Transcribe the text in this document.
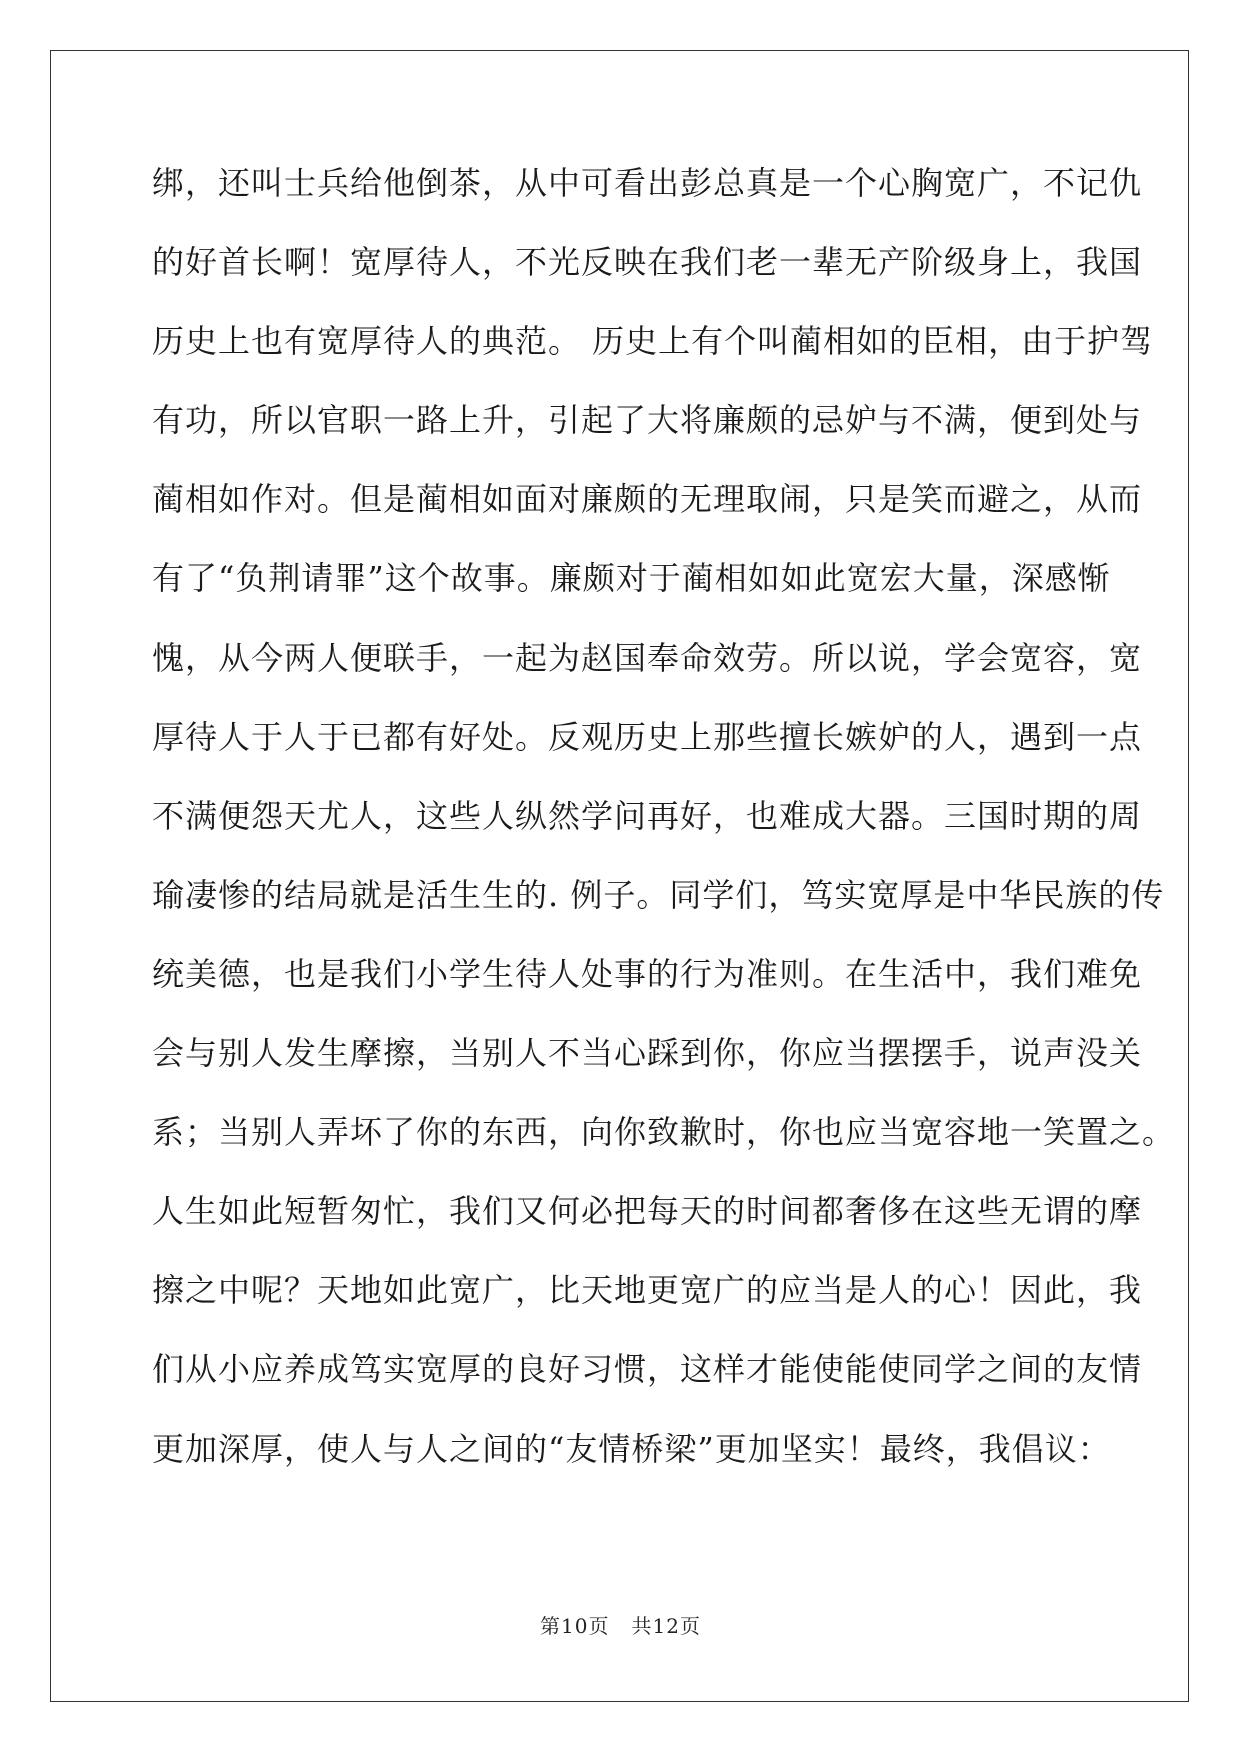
绑，还叫士兵给他倒茶，从中可看出彭总真是一个心胸宽广，不记仇
的好首长啊！宽厚待人，不光反映在我们老一辈无产阶级身上，我国
历史上也有宽厚待人的典范。 历史上有个叫蔺相如的臣相，由于护驾
有功，所以官职一路上升，引起了大将廉颇的忌妒与不满，便到处与
蔺相如作对。但是蔺相如面对廉颇的无理取闹，只是笑而避之，从而
有了“负荆请罪”这个故事。廉颇对于蔺相如如此宽宏大量，深感惭
愧，从今两人便联手，一起为赵国奉命效劳。所以说，学会宽容，宽
厚待人于人于已都有好处。反观历史上那些擅长嫉妒的人，遇到一点
不满便怨天尤人，这些人纵然学问再好，也难成大器。三国时期的周
瑜凄惨的结局就是活生生的. 例子。同学们，笃实宽厚是中华民族的传
统美德，也是我们小学生待人处事的行为准则。在生活中，我们难免
会与别人发生摩擦，当别人不当心踩到你，你应当摆摆手，说声没关
系；当别人弄坏了你的东西，向你致歉时，你也应当宽容地一笑置之。
人生如此短暂匆忙，我们又何必把每天的时间都奢侈在这些无谓的摩
擦之中呢？天地如此宽广，比天地更宽广的应当是人的心！因此，我
们从小应养成笃实宽厚的良好习惯，这样才能使能使同学之间的友情
更加深厚，使人与人之间的“友情桥梁”更加坚实！最终，我倡议：
第10页 共12页
